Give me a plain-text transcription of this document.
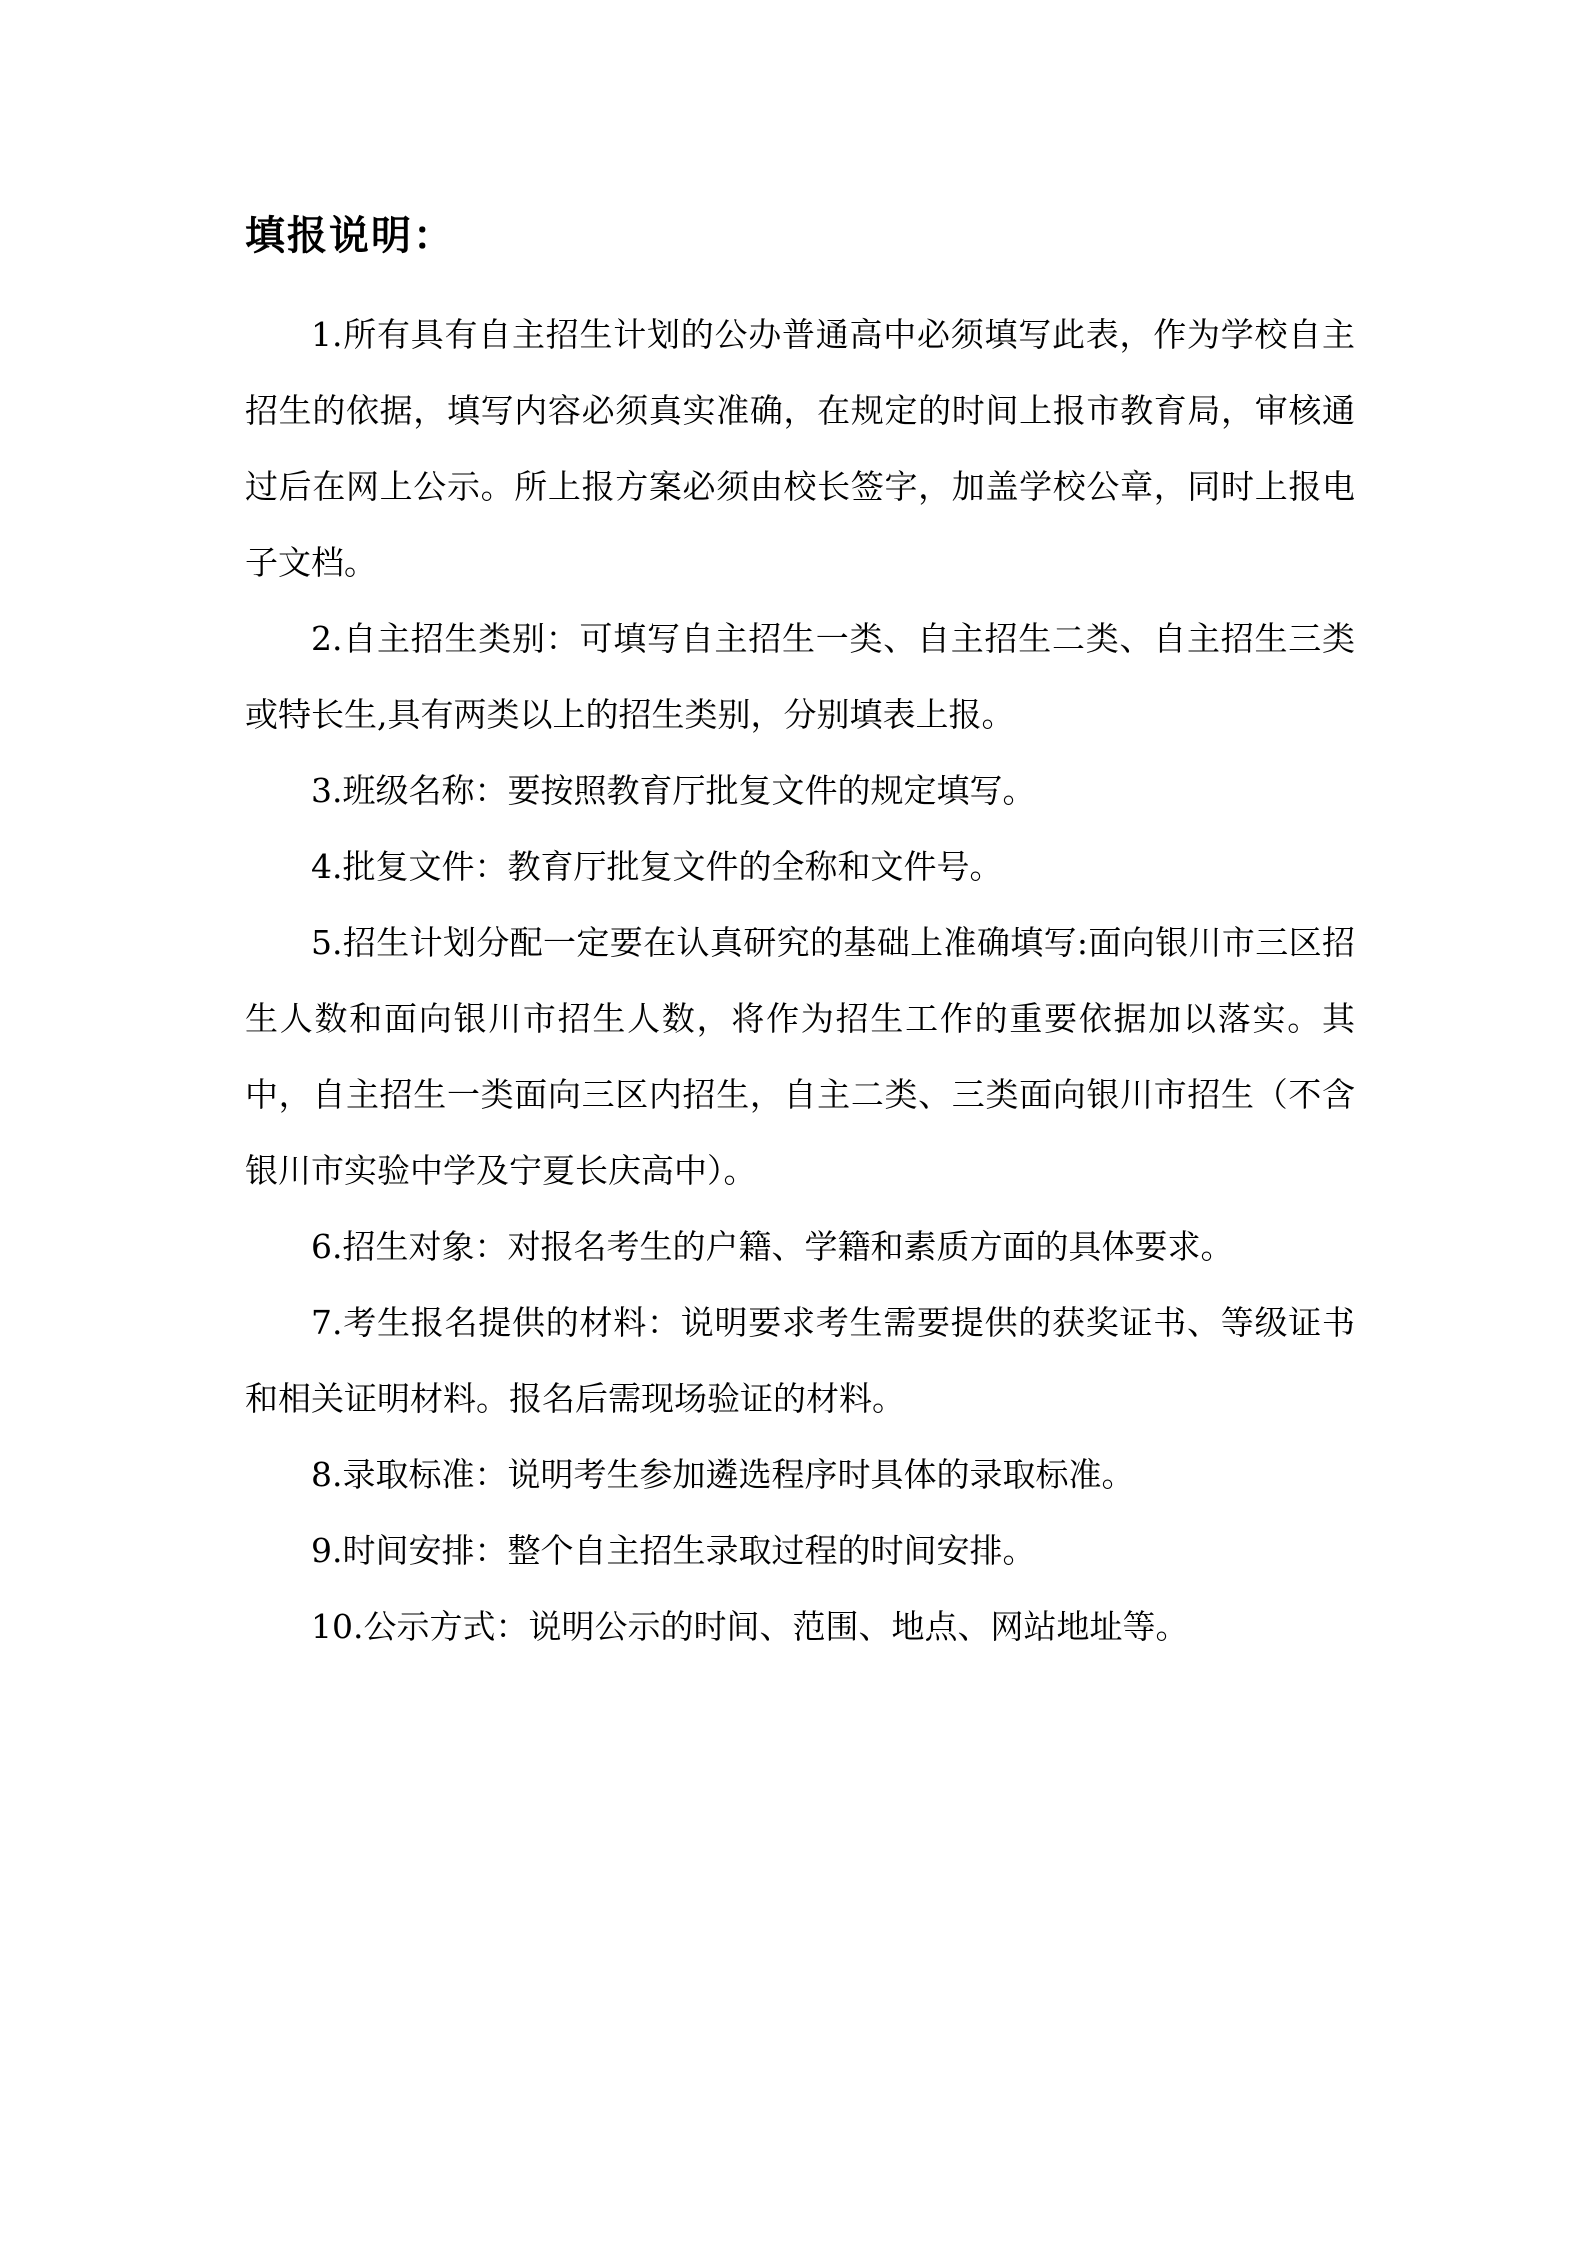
填报说明：

1.所有具有自主招生计划的公办普通高中必须填写此表，作为学校自主招生的依据，填写内容必须真实准确，在规定的时间上报市教育局，审核通过后在网上公示。所上报方案必须由校长签字，加盖学校公章，同时上报电子文档。

2.自主招生类别：可填写自主招生一类、自主招生二类、自主招生三类或特长生,具有两类以上的招生类别，分别填表上报。

3.班级名称：要按照教育厅批复文件的规定填写。

4.批复文件：教育厅批复文件的全称和文件号。

5.招生计划分配一定要在认真研究的基础上准确填写:面向银川市三区招生人数和面向银川市招生人数，将作为招生工作的重要依据加以落实。其中，自主招生一类面向三区内招生，自主二类、三类面向银川市招生（不含银川市实验中学及宁夏长庆高中）。

6.招生对象：对报名考生的户籍、学籍和素质方面的具体要求。

7.考生报名提供的材料：说明要求考生需要提供的获奖证书、等级证书和相关证明材料。报名后需现场验证的材料。

8.录取标准：说明考生参加遴选程序时具体的录取标准。

9.时间安排：整个自主招生录取过程的时间安排。

10.公示方式：说明公示的时间、范围、地点、网站地址等。
